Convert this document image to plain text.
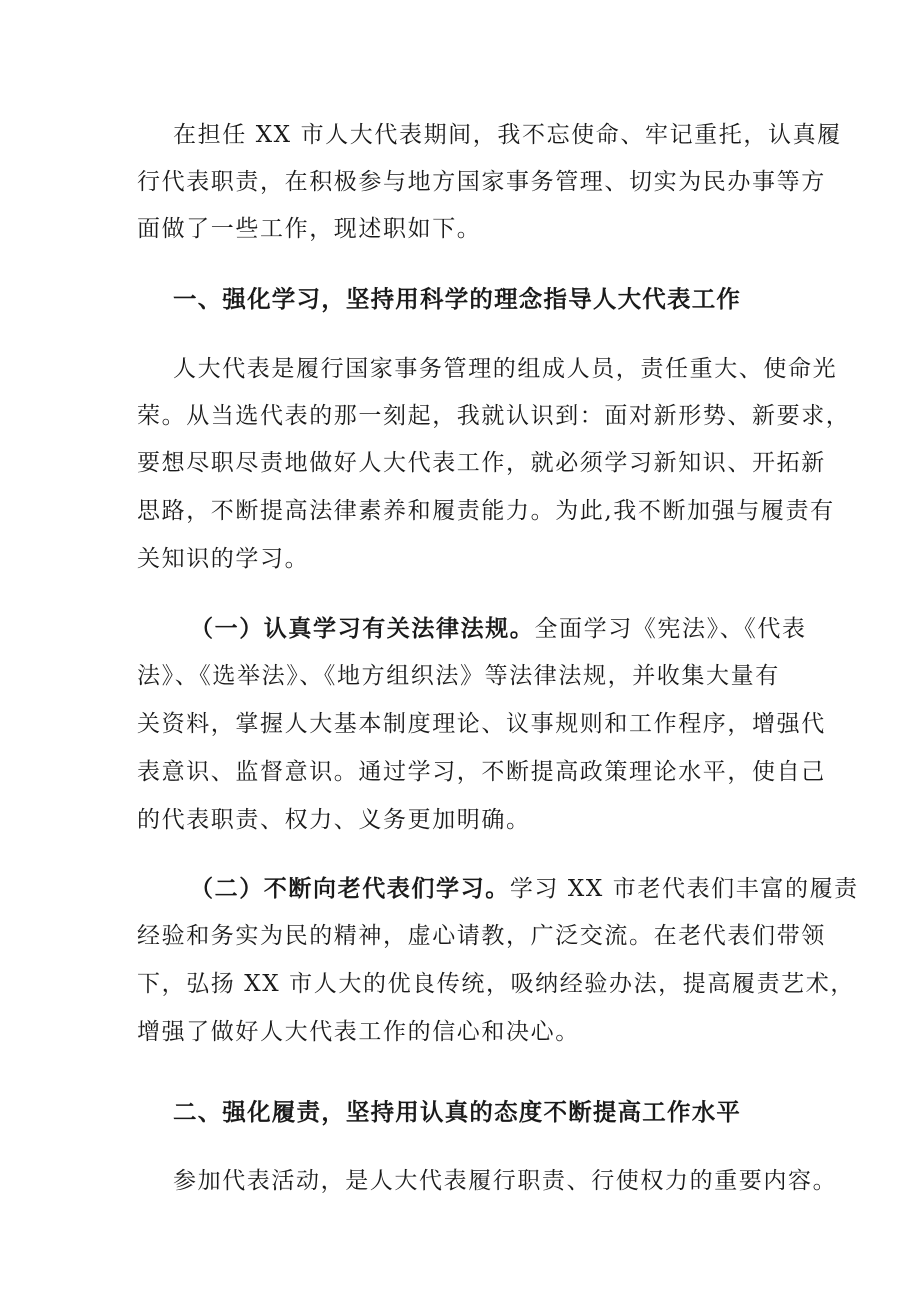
在担任 XX 市人大代表期间，我不忘使命、牢记重托，认真履
行代表职责，在积极参与地方国家事务管理、切实为民办事等方
面做了一些工作，现述职如下。
一、强化学习，坚持用科学的理念指导人大代表工作
人大代表是履行国家事务管理的组成人员，责任重大、使命光
荣。从当选代表的那一刻起，我就认识到：面对新形势、新要求，
要想尽职尽责地做好人大代表工作，就必须学习新知识、开拓新
思路，不断提高法律素养和履责能力。为此,我不断加强与履责有
关知识的学习。
（一）认真学习有关法律法规。全面学习《宪法》、《代表
法》、《选举法》、《地方组织法》等法律法规，并收集大量有
关资料，掌握人大基本制度理论、议事规则和工作程序，增强代
表意识、监督意识。通过学习，不断提高政策理论水平，使自己
的代表职责、权力、义务更加明确。
（二）不断向老代表们学习。学习 XX 市老代表们丰富的履责
经验和务实为民的精神，虚心请教，广泛交流。在老代表们带领
下，弘扬 XX 市人大的优良传统，吸纳经验办法，提高履责艺术，
增强了做好人大代表工作的信心和决心。
二、强化履责，坚持用认真的态度不断提高工作水平
参加代表活动，是人大代表履行职责、行使权力的重要内容。
